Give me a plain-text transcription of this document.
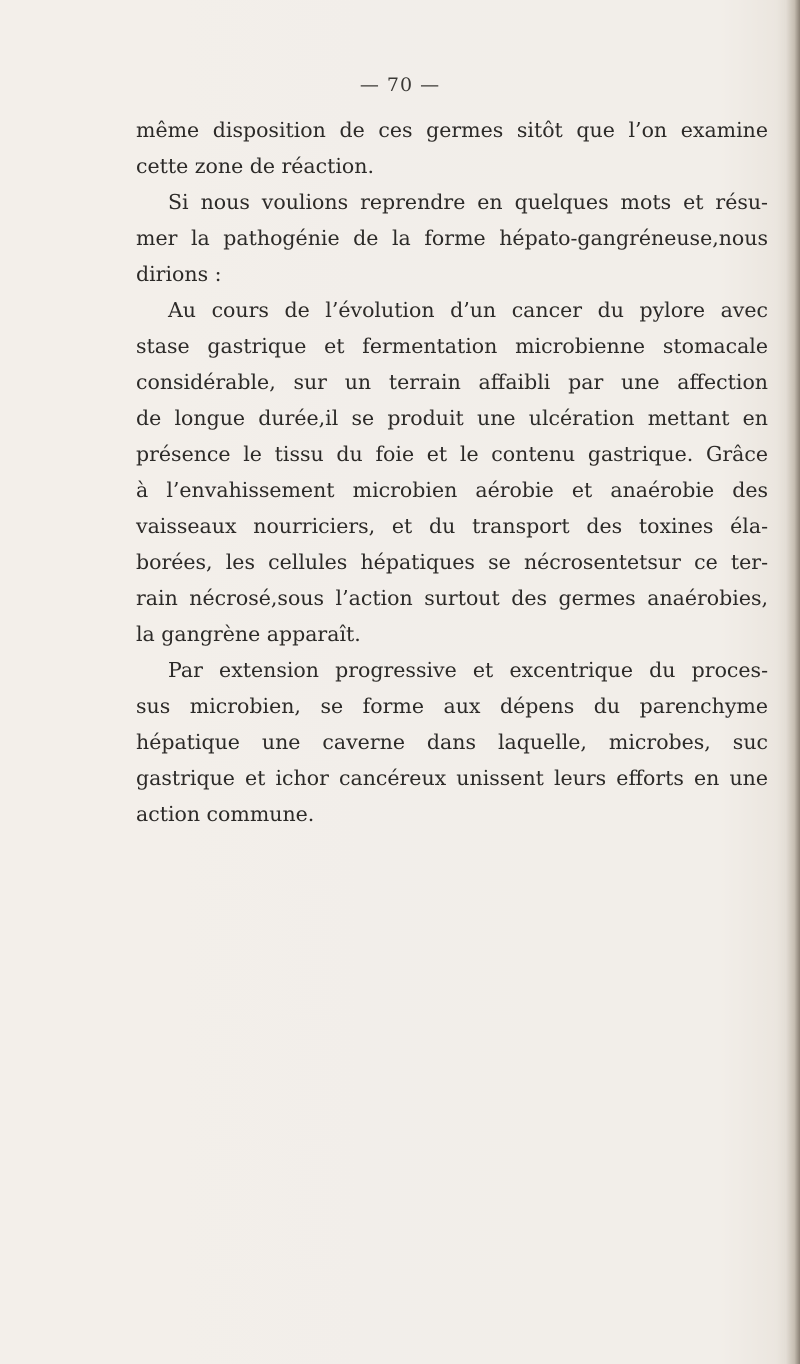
— 70 —
même disposition de ces germes sitôt que l’on examine
cette zone de réaction.
Si nous voulions reprendre en quelques mots et résu-
mer la pathogénie de la forme hépato-gangréneuse,nous
dirions :
Au cours de l’évolution d’un cancer du pylore avec
stase gastrique et fermentation microbienne stomacale
considérable, sur un terrain affaibli par une affection
de longue durée,il se produit une ulcération mettant en
présence le tissu du foie et le contenu gastrique. Grâce
à l’envahissement microbien aérobie et anaérobie des
vaisseaux nourriciers, et du transport des toxines éla-
borées, les cellules hépatiques se nécrosentetsur ce ter-
rain nécrosé,sous l’action surtout des germes anaérobies,
la gangrène apparaît.
Par extension progressive et excentrique du proces-
sus microbien, se forme aux dépens du parenchyme
hépatique une caverne dans laquelle, microbes, suc
gastrique et ichor cancéreux unissent leurs efforts en une
action commune.
